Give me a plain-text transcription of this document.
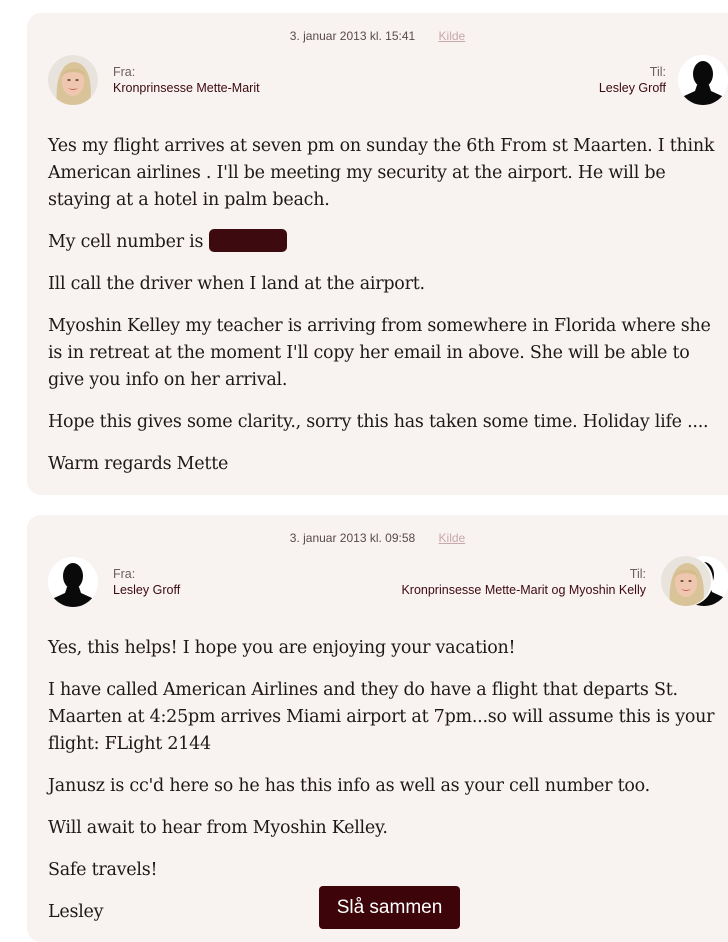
3. januar 2013 kl. 15:41 Kilde
Fra:
Kronprinsesse Mette-Marit
Til:
Lesley Groff

Yes my flight arrives at seven pm on sunday the 6th From st Maarten. I think American airlines . I'll be meeting my security at the airport. He will be staying at a hotel in palm beach.

My cell number is

Ill call the driver when I land at the airport.

Myoshin Kelley my teacher is arriving from somewhere in Florida where she is in retreat at the moment I'll copy her email in above. She will be able to give you info on her arrival.

Hope this gives some clarity., sorry this has taken some time. Holiday life ....

Warm regards Mette

3. januar 2013 kl. 09:58 Kilde
Fra:
Lesley Groff
Til:
Kronprinsesse Mette-Marit og Myoshin Kelly

Yes, this helps! I hope you are enjoying your vacation!

I have called American Airlines and they do have a flight that departs St. Maarten at 4:25pm arrives Miami airport at 7pm...so will assume this is your flight: FLight 2144

Janusz is cc'd here so he has this info as well as your cell number too.

Will await to hear from Myoshin Kelley.

Safe travels!

Lesley	Slå sammen
